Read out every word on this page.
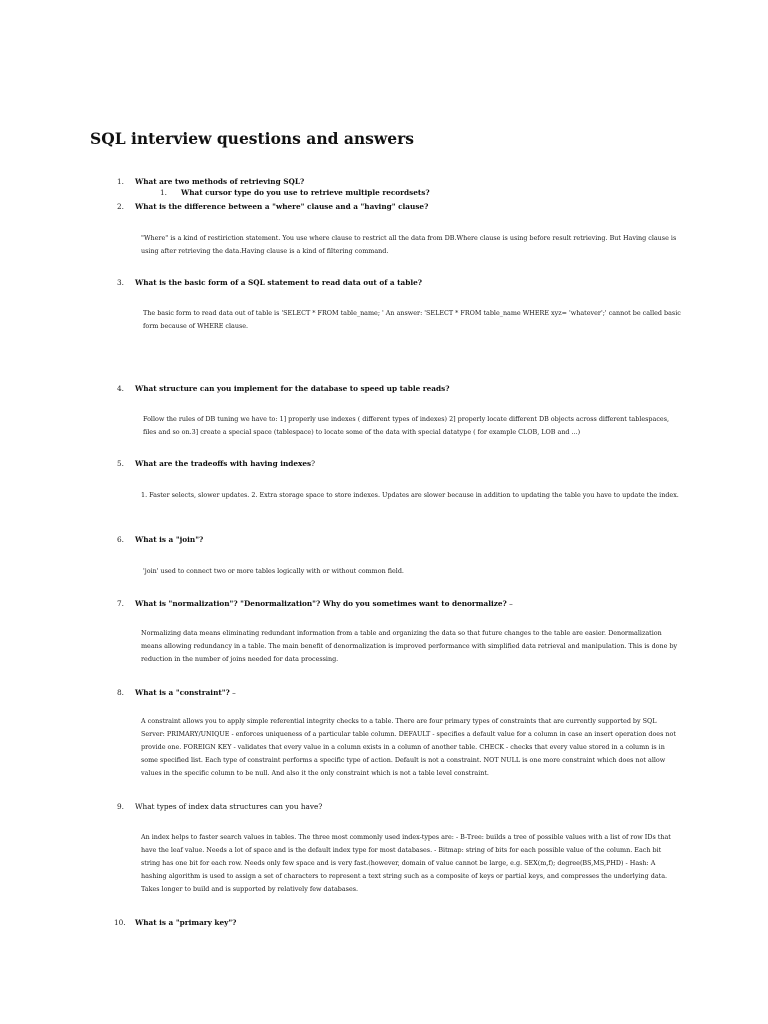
SQL interview questions and answers
1. What are two methods of retrieving SQL?
1. What cursor type do you use to retrieve multiple recordsets?
2. What is the difference between a "where" clause and a "having" clause?
"Where" is a kind of restiriction statement. You use where clause to restrict all the data from DB.Where clause is using before result retrieving. But Having clause is using after retrieving the data.Having clause is a kind of filtering command.
3. What is the basic form of a SQL statement to read data out of a table?
The basic form to read data out of table is 'SELECT * FROM table_name; ' An answer: 'SELECT * FROM table_name WHERE xyz= 'whatever';' cannot be called basic form because of WHERE clause.
4. What structure can you implement for the database to speed up table reads?
Follow the rules of DB tuning we have to: 1] properly use indexes ( different types of indexes) 2] properly locate different DB objects across different tablespaces, files and so on.3] create a special space (tablespace) to locate some of the data with special datatype ( for example CLOB, LOB and ...)
5. What are the tradeoffs with having indexes?
1. Faster selects, slower updates. 2. Extra storage space to store indexes. Updates are slower because in addition to updating the table you have to update the index.
6. What is a "join"?
'join' used to connect two or more tables logically with or without common field.
7. What is "normalization"? "Denormalization"? Why do you sometimes want to denormalize? –
Normalizing data means eliminating redundant information from a table and organizing the data so that future changes to the table are easier. Denormalization means allowing redundancy in a table. The main benefit of denormalization is improved performance with simplified data retrieval and manipulation. This is done by reduction in the number of joins needed for data processing.
8. What is a "constraint"? –
A constraint allows you to apply simple referential integrity checks to a table. There are four primary types of constraints that are currently supported by SQL Server: PRIMARY/UNIQUE - enforces uniqueness of a particular table column. DEFAULT - specifies a default value for a column in case an insert operation does not provide one. FOREIGN KEY - validates that every value in a column exists in a column of another table. CHECK - checks that every value stored in a column is in some specified list. Each type of constraint performs a specific type of action. Default is not a constraint. NOT NULL is one more constraint which does not allow values in the specific column to be null. And also it the only constraint which is not a table level constraint.
9. What types of index data structures can you have?
An index helps to faster search values in tables. The three most commonly used index-types are: - B-Tree: builds a tree of possible values with a list of row IDs that have the leaf value. Needs a lot of space and is the default index type for most databases. - Bitmap: string of bits for each possible value of the column. Each bit string has one bit for each row. Needs only few space and is very fast.(however, domain of value cannot be large, e.g. SEX(m,f); degree(BS,MS,PHD) - Hash: A hashing algorithm is used to assign a set of characters to represent a text string such as a composite of keys or partial keys, and compresses the underlying data. Takes longer to build and is supported by relatively few databases.
10. What is a "primary key"?
